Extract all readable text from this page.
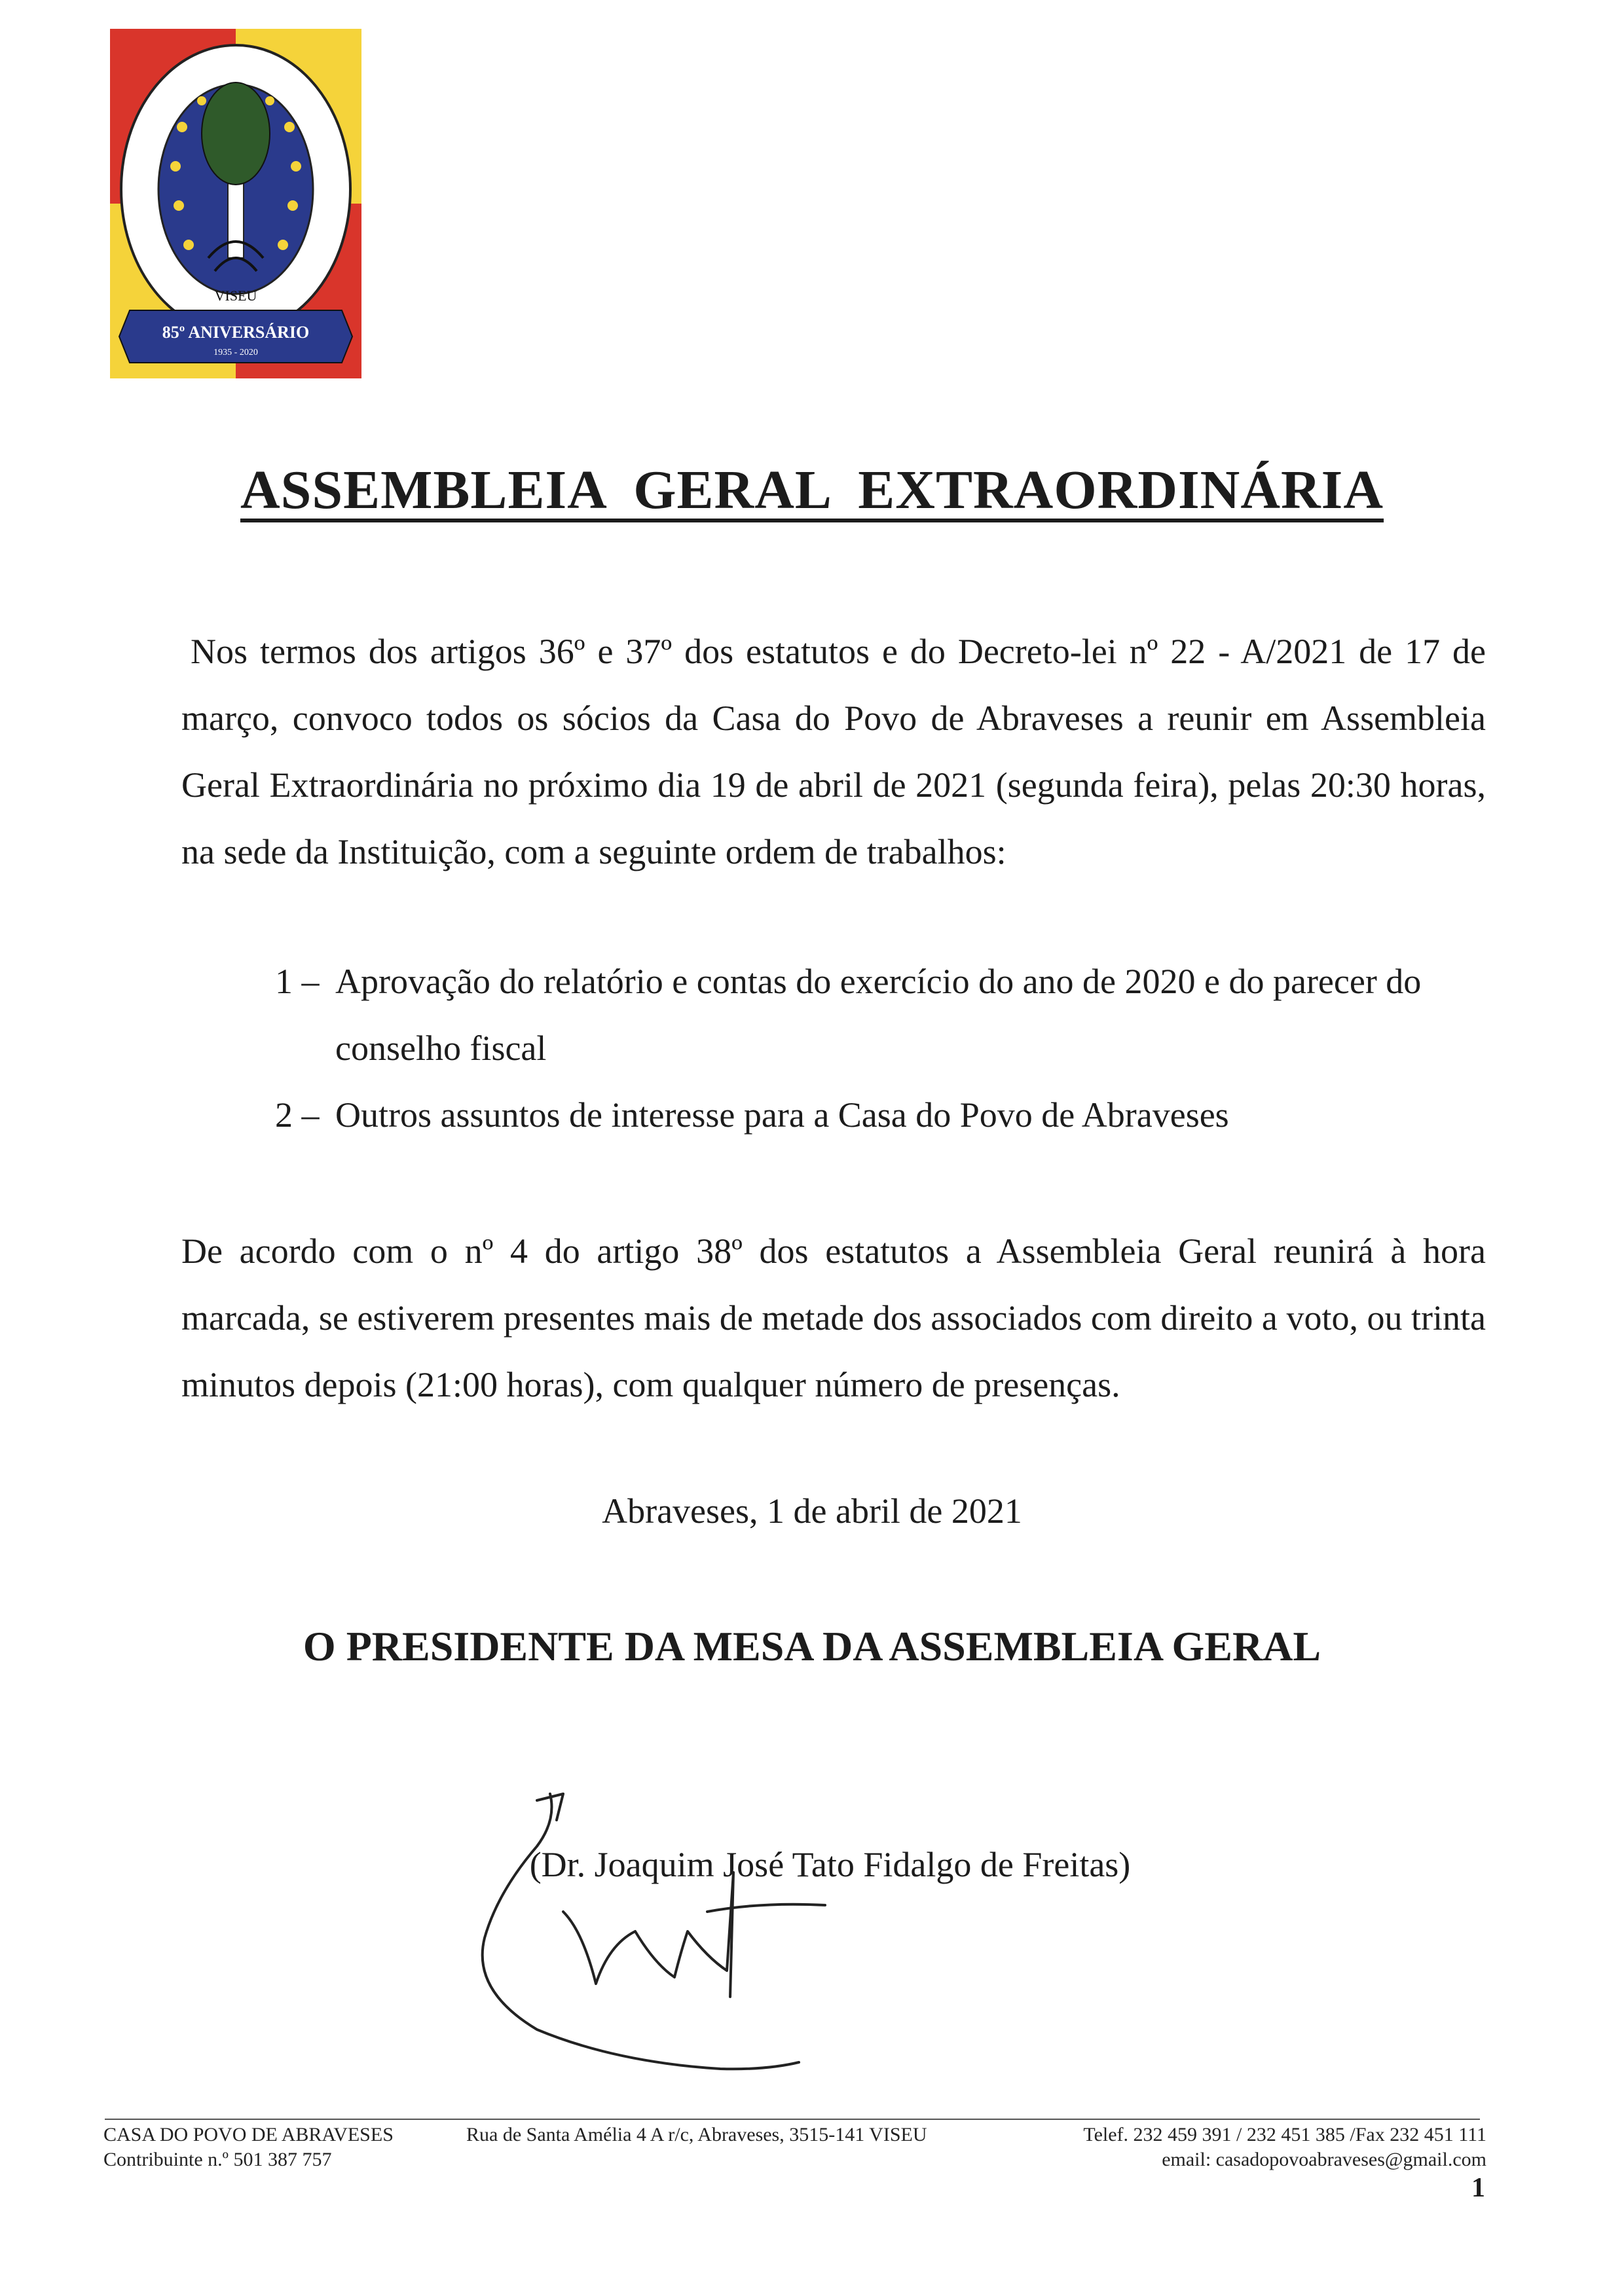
85º ANIVERSÁRIO
1935 - 2020
VISEU
ASSEMBLEIA GERAL EXTRAORDINÁRIA

Nos termos dos artigos 36º e 37º dos estatutos e do Decreto-lei nº 22 - A/2021 de 17 de março, convoco todos os sócios da Casa do Povo de Abraveses a reunir em Assembleia Geral Extraordinária no próximo dia 19 de abril de 2021 (segunda feira), pelas 20:30 horas, na sede da Instituição, com a seguinte ordem de trabalhos:

1 – Aprovação do relatório e contas do exercício do ano de 2020 e do parecer do conselho fiscal
2 – Outros assuntos de interesse para a Casa do Povo de Abraveses

De acordo com o nº 4 do artigo 38º dos estatutos a Assembleia Geral reunirá à hora marcada, se estiverem presentes mais de metade dos associados com direito a voto, ou trinta minutos depois (21:00 horas), com qualquer número de presenças.

Abraveses, 1 de abril de 2021

O PRESIDENTE DA MESA DA ASSEMBLEIA GERAL

(Dr. Joaquim José Tato Fidalgo de Freitas)

CASA DO POVO DE ABRAVESES
Contribuinte n.º 501 387 757
Rua de Santa Amélia 4 A r/c, Abraveses, 3515-141 VISEU	Telef. 232 459 391 / 232 451 385 /Fax 232 451 111
email: casadopovoabraveses@gmail.com

1
